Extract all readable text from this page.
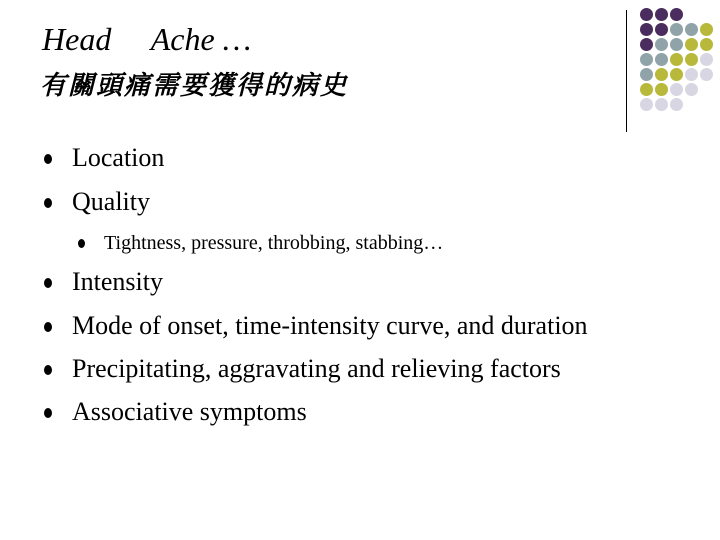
Head     Ache …
有關頭痛需要獲得的病史
Location
Quality
Tightness, pressure, throbbing, stabbing…
Intensity
Mode of onset, time-intensity curve, and duration
Precipitating, aggravating and relieving factors
Associative symptoms
